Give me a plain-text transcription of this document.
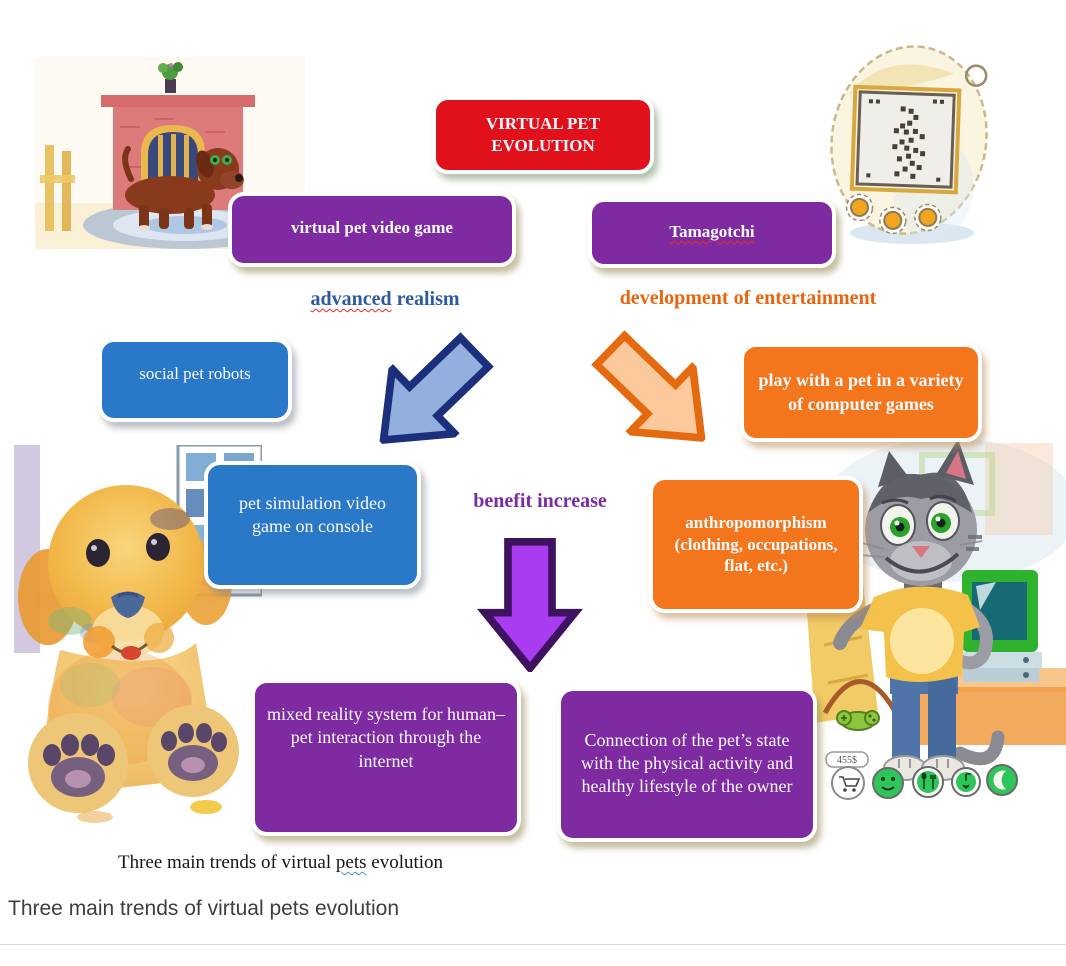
455$
VIRTUAL PET EVOLUTION
virtual pet video game	Tamagotchi
advanced realism	development of entertainment
social pet robots	play with a pet in a variety of computer games
pet simulation video game on console
benefit increase
anthropomorphism (clothing, occupations, flat, etc.)
mixed reality system for human–pet interaction through the internet
Connection of the pet’s state with the physical activity and healthy lifestyle of the owner
Three main trends of virtual pets evolution
Three main trends of virtual pets evolution
